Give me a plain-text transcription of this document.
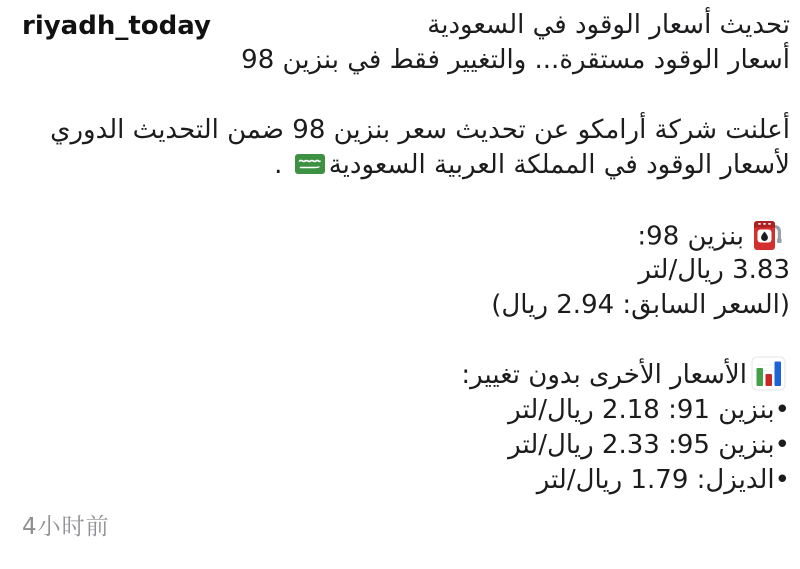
riyadh_today	تحديث أسعار الوقود في السعودية
أسعار الوقود مستقرة... والتغيير فقط في بنزين 98
أعلنت شركة أرامكو عن تحديث سعر بنزين 98 ضمن التحديث الدوري
لأسعار الوقود في المملكة العربية السعودية .
بنزين 98:
3.83 ريال/لتر
(السعر السابق: 2.94 ريال)
الأسعار الأخرى بدون تغيير:
•بنزين 91: 2.18 ريال/لتر
•بنزين 95: 2.33 ريال/لتر
•الديزل: 1.79 ريال/لتر
4小时前
